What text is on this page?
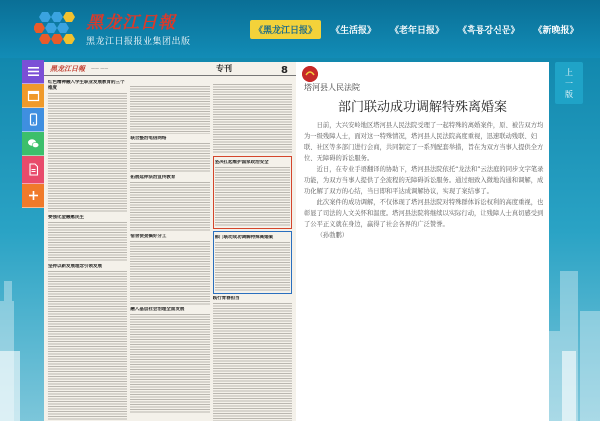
黑龙江日報
黑龙江日报报业集团出版
《黑龙江日报》	《生活报》	《老年日报》	《흑룡강신문》	《新晚报》
黑龙江日報 —— ——	专刊	8
红色精神融入学生职业发展教育的三个维度
要强化金融惠民生
坚持以新发展理念引领发展
联合整治电信网络
拓展延伸法治宣传教育
宿舍使劲搞好分工
融入基层社会治理全面发展
坚决扛起维护国家政治安全
部门联动成功调解特殊离婚案
践行青春担当
塔河县人民法院
部门联动成功调解特殊离婚案

日前，大兴安岭地区塔河县人民法院受理了一起特殊的离婚案件，原、被告双方均为一级残障人士，面对这一特殊情况，塔河县人民法院高度重视，迅速联动残联、妇联、社区等多部门进行会商，共同制定了一系列配套举措，旨在为双方当事人提供全方位、无障碍的诉讼服务。

近日，在专业手语翻译的协助下，塔河县法院依托“龙法和”云法庭的同步文字笔录功能，为双方当事人提供了全流程的无障碍诉讼服务。通过细致入微地沟通和调解，成功化解了双方的心结，当日即和平达成调解协议，实现了案结事了。

此次案件的成功调解，不仅体现了塔河县法院对特殊群体诉讼权利的高度重视，也彰显了司法的人文关怀和温度。塔河县法院将继续以实际行动，让残障人士真切感受到了公平正义就在身边，赢得了社会各界的广泛赞誉。

（孙勃鹏）

上
一
版
